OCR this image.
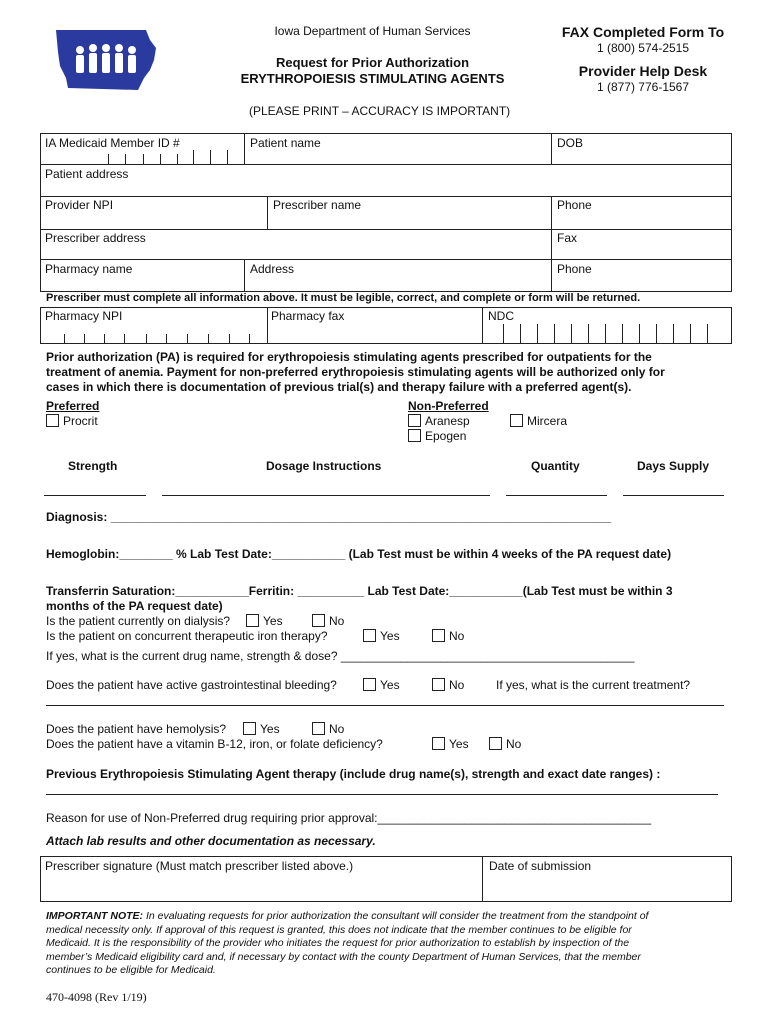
Iowa Department of Human Services
Request for Prior Authorization
ERYTHROPOIESIS STIMULATING AGENTS
(PLEASE PRINT – ACCURACY IS IMPORTANT)
FAX Completed Form To
1 (800) 574-2515
Provider Help Desk
1 (877) 776-1567
IA Medicaid Member ID #	Patient name	DOB
Patient address
Provider NPI	Prescriber name	Phone
Prescriber address	Fax
Pharmacy name	Address	Phone
Prescriber must complete all information above. It must be legible, correct, and complete or form will be returned.
Pharmacy NPI	Pharmacy fax	NDC
Prior authorization (PA) is required for erythropoiesis stimulating agents prescribed for outpatients for the
treatment of anemia. Payment for non-preferred erythropoiesis stimulating agents will be authorized only for
cases in which there is documentation of previous trial(s) and therapy failure with a preferred agent(s).
Preferred
Procrit
Non-Preferred
Aranesp
Epogen
Mircera
Strength	Dosage Instructions	Quantity	Days Supply
Diagnosis: ___________________________________________________________________________
Hemoglobin:________ % Lab Test Date:___________ (Lab Test must be within 4 weeks of the PA request date)
Transferrin Saturation:___________Ferritin: __________ Lab Test Date:___________(Lab Test must be within 3
months of the PA request date)
Is the patient currently on dialysis?	Yes	No
Is the patient on concurrent therapeutic iron therapy?	Yes	No
If yes, what is the current drug name, strength & dose? ____________________________________________
Does the patient have active gastrointestinal bleeding?	Yes	No	If yes, what is the current treatment?
Does the patient have hemolysis?	Yes	No
Does the patient have a vitamin B-12, iron, or folate deficiency?	Yes	No
Previous Erythropoiesis Stimulating Agent therapy (include drug name(s), strength and exact date ranges) :
Reason for use of Non-Preferred drug requiring prior approval:_________________________________________
Attach lab results and other documentation as necessary.
Prescriber signature (Must match prescriber listed above.)	Date of submission
IMPORTANT NOTE: In evaluating requests for prior authorization the consultant will consider the treatment from the standpoint of
medical necessity only. If approval of this request is granted, this does not indicate that the member continues to be eligible for
Medicaid. It is the responsibility of the provider who initiates the request for prior authorization to establish by inspection of the
member’s Medicaid eligibility card and, if necessary by contact with the county Department of Human Services, that the member
continues to be eligible for Medicaid.
470-4098 (Rev 1/19)
